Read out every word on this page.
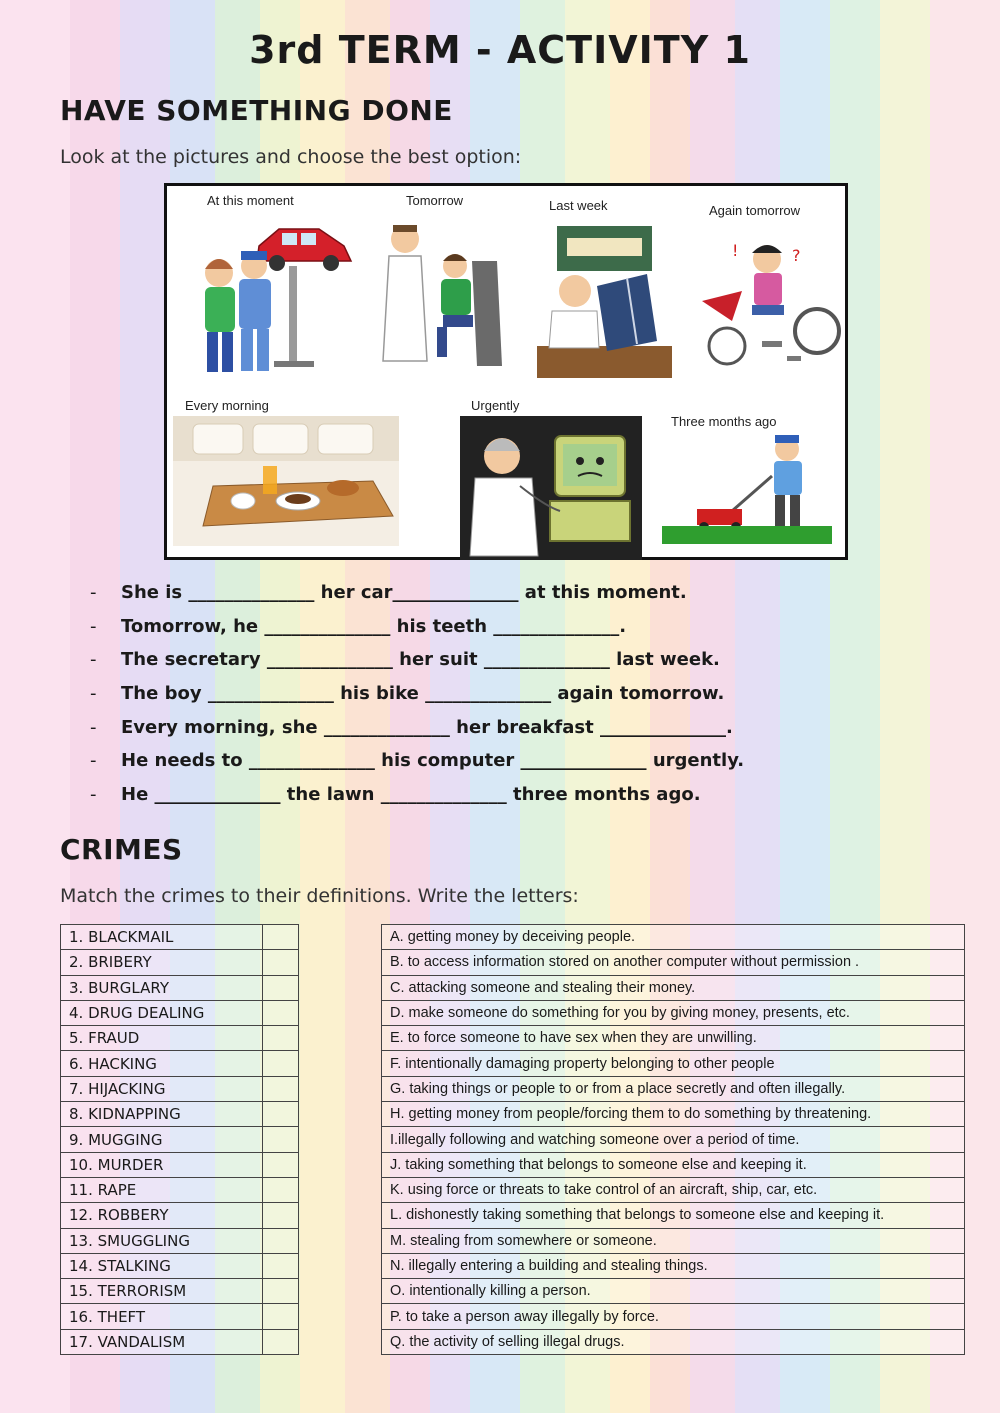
3rd TERM - ACTIVITY 1
HAVE SOMETHING DONE
Look at the pictures and choose the best option:
At this moment	Tomorrow	Last week	Again tomorrow
!	?
Every morning	Urgently
Three months ago
- She is ______________ her car______________ at this moment.
- Tomorrow, he ______________ his teeth ______________.
- The secretary ______________ her suit ______________ last week.
- The boy ______________ his bike ______________ again tomorrow.
- Every morning, she ______________ her breakfast ______________.
- He needs to ______________ his computer ______________ urgently.
- He ______________ the lawn ______________ three months ago.
CRIMES
Match the crimes to their definitions. Write the letters:
1. BLACKMAIL	
2. BRIBERY	
3. BURGLARY	
4. DRUG DEALING	
5. FRAUD	
6. HACKING	
7. HIJACKING	
8. KIDNAPPING	
9. MUGGING	
10. MURDER	
11. RAPE	
12. ROBBERY	
13. SMUGGLING	
14. STALKING	
15. TERRORISM	
16. THEFT	
17. VANDALISM	
A. getting money by deceiving people.
B. to access information stored on another computer without permission .
C. attacking someone and stealing their money.
D. make someone do something for you by giving money, presents, etc.
E. to force someone to have sex when they are unwilling.
F. intentionally damaging property belonging to other people
G. taking things or people to or from a place secretly and often illegally.
H. getting money from people/forcing them to do something by threatening.
I.illegally following and watching someone over a period of time.
J. taking something that belongs to someone else and keeping it.
K. using force or threats to take control of an aircraft, ship, car, etc.
L. dishonestly taking something that belongs to someone else and keeping it.
M. stealing from somewhere or someone.
N. illegally entering a building and stealing things.
O. intentionally killing a person.
P. to take a person away illegally by force.
Q. the activity of selling illegal drugs.
